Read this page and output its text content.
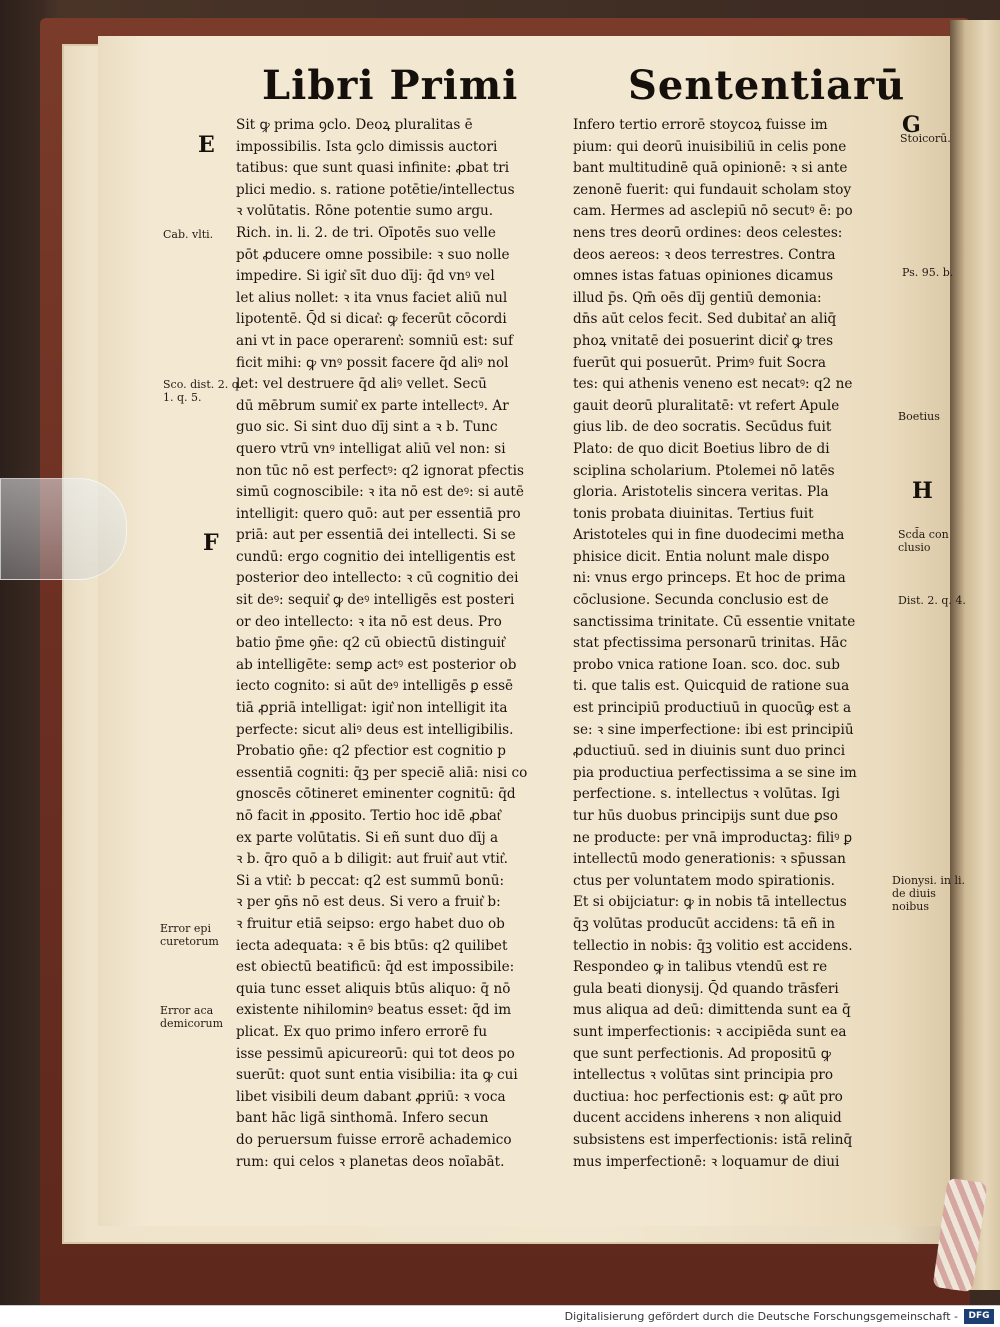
Libri Primi	Sententiarū

Sit ꝙ prima ꝯclo. Deoꝝ pluralitas ē

impossibilis. Ista ꝯclo dimissis auctori

tatibus: que sunt quasi infinite: ꝓbat tri

plici medio. s. ratione potētie/intellectus

ꝛ volūtatis. Rōne potentie sumo argu.

Rich. in. li. 2. de tri. Oīpotēs suo velle

pōt ꝓducere omne possibile: ꝛ suo nolle

impedire. Si igit͛ sīt duo dīj: q̄d vnꝰ vel

let alius nollet: ꝛ ita vnus faciet aliū nul

lipotentē. Q̄d si dicat͛: ꝙ fecerūt cōcordi

ani vt in pace operarent͛: somniū est: suf

ficit mihi: ꝙ vnꝰ possit facere q̄d aliꝰ nol

let: vel destruere q̄d aliꝰ vellet. Secū

dū mēbrum sumit͛ ex parte intellectꝰ. Ar

guo sic. Si sint duo dīj sint a ꝛ b. Tunc

quero vtrū vnꝰ intelligat aliū vel non: si

non tūc nō est perfectꝰ: q2 ignorat pfectis

simū cognoscibile: ꝛ ita nō est deꝰ: si autē

intelligit: quero quō: aut per essentiā pro

priā: aut per essentiā dei intellecti. Si se

cundū: ergo cognitio dei intelligentis est

posterior deo intellecto: ꝛ cū cognitio dei

sit deꝰ: sequit͛ ꝙ deꝰ intelligēs est posteri

or deo intellecto: ꝛ ita nō est deus. Pro

batio p̄me ꝯn̄e: q2 cū obiectū distinguit͛

ab intelligēte: semꝑ actꝰ est posterior ob

iecto cognito: si aūt deꝰ intelligēs ꝑ essē

tiā ꝓpriā intelligat: igit͛ non intelligit ita

perfecte: sicut aliꝰ deus est intelligibilis.

Probatio ꝯn̄e: q2 pfectior est cognitio p

essentiā cogniti: q̄ꝫ per speciē aliā: nisi co

gnoscēs cōtineret eminenter cognitū: q̄d

nō facit in ꝓposito. Tertio hoc idē ꝓbat͛

ex parte volūtatis. Si eñ sunt duo dīj a

ꝛ b. q̄ro quō a b diligit: aut fruit͛ aut vtit͛.

Si a vtit͛: b peccat: q2 est summū bonū:

ꝛ per ꝯn̄s nō est deus. Si vero a fruit͛ b:

ꝛ fruitur etiā seipso: ergo habet duo ob

iecta adequata: ꝛ ē bis btūs: q2 quilibet

est obiectū beatificū: q̄d est impossibile:

quia tunc esset aliquis btūs aliquo: q̄ nō

existente nihilominꝰ beatus esset: q̄d im

plicat. Ex quo primo infero errorē fu

isse pessimū apicureorū: qui tot deos po

suerūt: quot sunt entia visibilia: ita ꝙ cui

libet visibili deum dabant ꝓpriū: ꝛ voca

bant hāc ligā sinthomā. Infero secun

do peruersum fuisse errorē achademico

rum: qui celos ꝛ planetas deos noīabāt.

Infero tertio errorē stoycoꝝ fuisse im

pium: qui deorū inuisibiliū in celis pone

bant multitudinē quā opinionē: ꝛ si ante

zenonē fuerit: qui fundauit scholam stoy

cam. Hermes ad asclepiū nō secutꝰ ē: po

nens tres deorū ordines: deos celestes:

deos aereos: ꝛ deos terrestres. Contra

omnes istas fatuas opiniones dicamus

illud p̄s. Qm̄ oēs dīj gentiū demonia:

dn̄s aūt celos fecit. Sed dubitat͛ an aliq̄

phoꝝ vnitatē dei posuerint dicit͛ ꝙ tres

fuerūt qui posuerūt. Primꝰ fuit Socra

tes: qui athenis veneno est necatꝰ: q2 ne

gauit deorū pluralitatē: vt refert Apule

gius lib. de deo socratis. Secūdus fuit

Plato: de quo dicit Boetius libro de di

sciplina scholarium. Ptolemei nō latēs

gloria. Aristotelis sincera veritas. Pla

tonis probata diuinitas. Tertius fuit

Aristoteles qui in fine duodecimi metha

phisice dicit. Entia nolunt male dispo

ni: vnus ergo princeps. Et hoc de prima

cōclusione. Secunda conclusio est de

sanctissima trinitate. Cū essentie vnitate

stat pfectissima personarū trinitas. Hāc

probo vnica ratione Ioan. sco. doc. sub

ti. que talis est. Quicquid de ratione sua

est principiū productiuū in quocūꝙ est a

se: ꝛ sine imperfectione: ibi est principiū

ꝓductiuū. sed in diuinis sunt duo princi

pia productiua perfectissima a se sine im

perfectione. s. intellectus ꝛ volūtas. Igi

tur hūs duobus principijs sunt due ꝑso

ne producte: per vnā improductaꝫ: filiꝰ ꝑ

intellectū modo generationis: ꝛ sp̄ussan

ctus per voluntatem modo spirationis.

Et si obijciatur: ꝙ in nobis tā intellectus

q̄ꝫ volūtas producūt accidens: tā eñ in

tellectio in nobis: q̄ꝫ volitio est accidens.

Respondeo ꝙ in talibus vtendū est re

gula beati dionysij. Q̄d quando trāsferi

mus aliqua ad deū: dimittenda sunt ea q̄

sunt imperfectionis: ꝛ accipiēda sunt ea

que sunt perfectionis. Ad propositū ꝙ

intellectus ꝛ volūtas sint principia pro

ductiua: hoc perfectionis est: ꝙ aūt pro

ducent accidens inherens ꝛ non aliquid

subsistens est imperfectionis: istā relinq̄

mus imperfectionē: ꝛ loquamur de diui

E
Cab. vlti.
Sco. dist. 2. q. 1. q. 5.
F
Error epi curetorum
Error aca demicorum
G
Stoicorū.
Ps. 95. b.
Boetius
H
Scd̄a con clusio
Dist. 2. q. 4.
Dionysi. in li. de diuis noibus
Digitalisierung gefördert durch die Deutsche Forschungsgemeinschaft -	DFG
